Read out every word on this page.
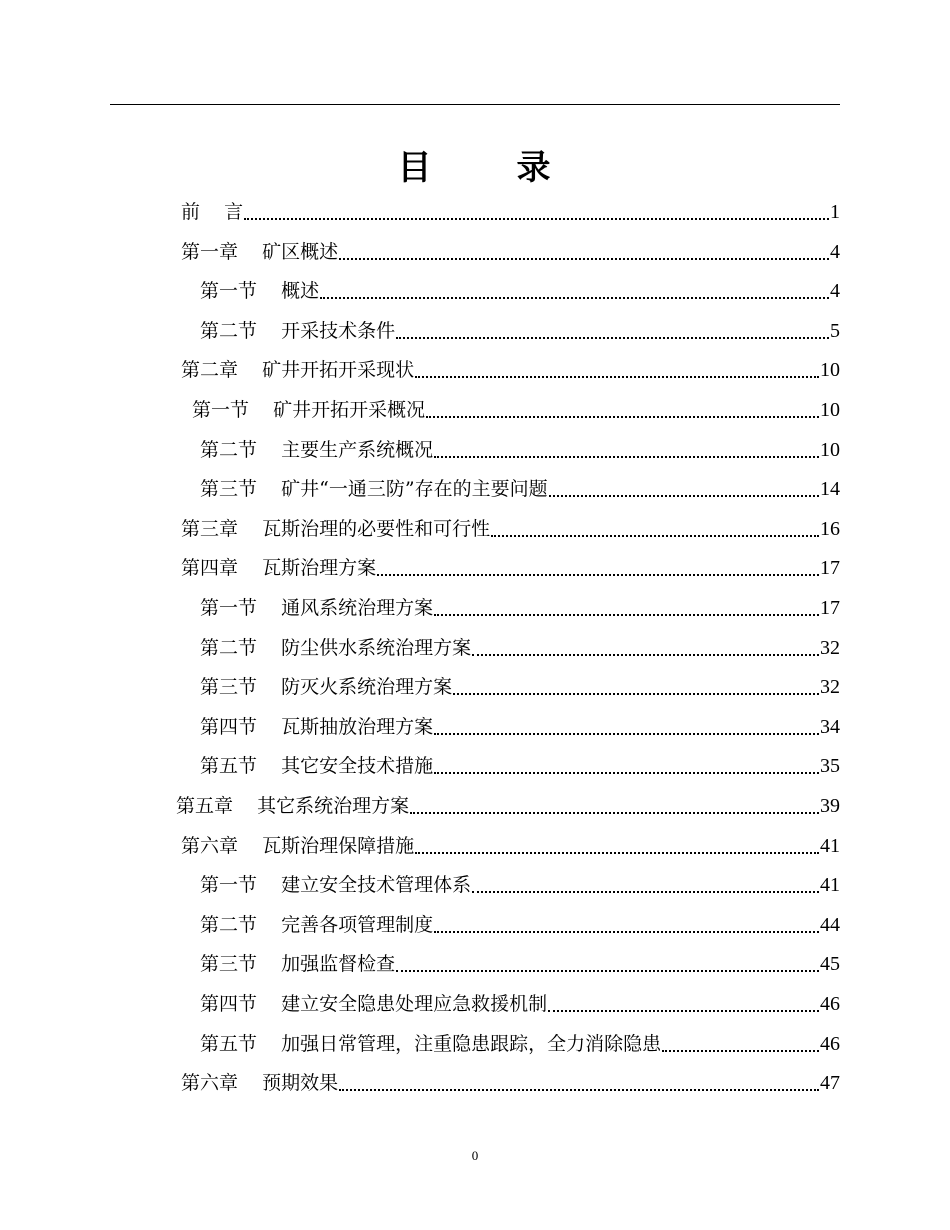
目      录
前    言	1
第一章    矿区概述	4
第一节    概述	4
第二节    开采技术条件	5
第二章    矿井开拓开采现状	10
第一节    矿井开拓开采概况	10
第二节    主要生产系统概况	10
第三节    矿井“一通三防”存在的主要问题	14
第三章    瓦斯治理的必要性和可行性	16
第四章    瓦斯治理方案	17
第一节    通风系统治理方案	17
第二节    防尘供水系统治理方案	32
第三节    防灭火系统治理方案	32
第四节    瓦斯抽放治理方案	34
第五节    其它安全技术措施	35
第五章    其它系统治理方案	39
第六章    瓦斯治理保障措施	41
第一节    建立安全技术管理体系	41
第二节    完善各项管理制度	44
第三节    加强监督检查	45
第四节    建立安全隐患处理应急救援机制	46
第五节    加强日常管理，注重隐患跟踪，全力消除隐患	46
第六章    预期效果	47
0
